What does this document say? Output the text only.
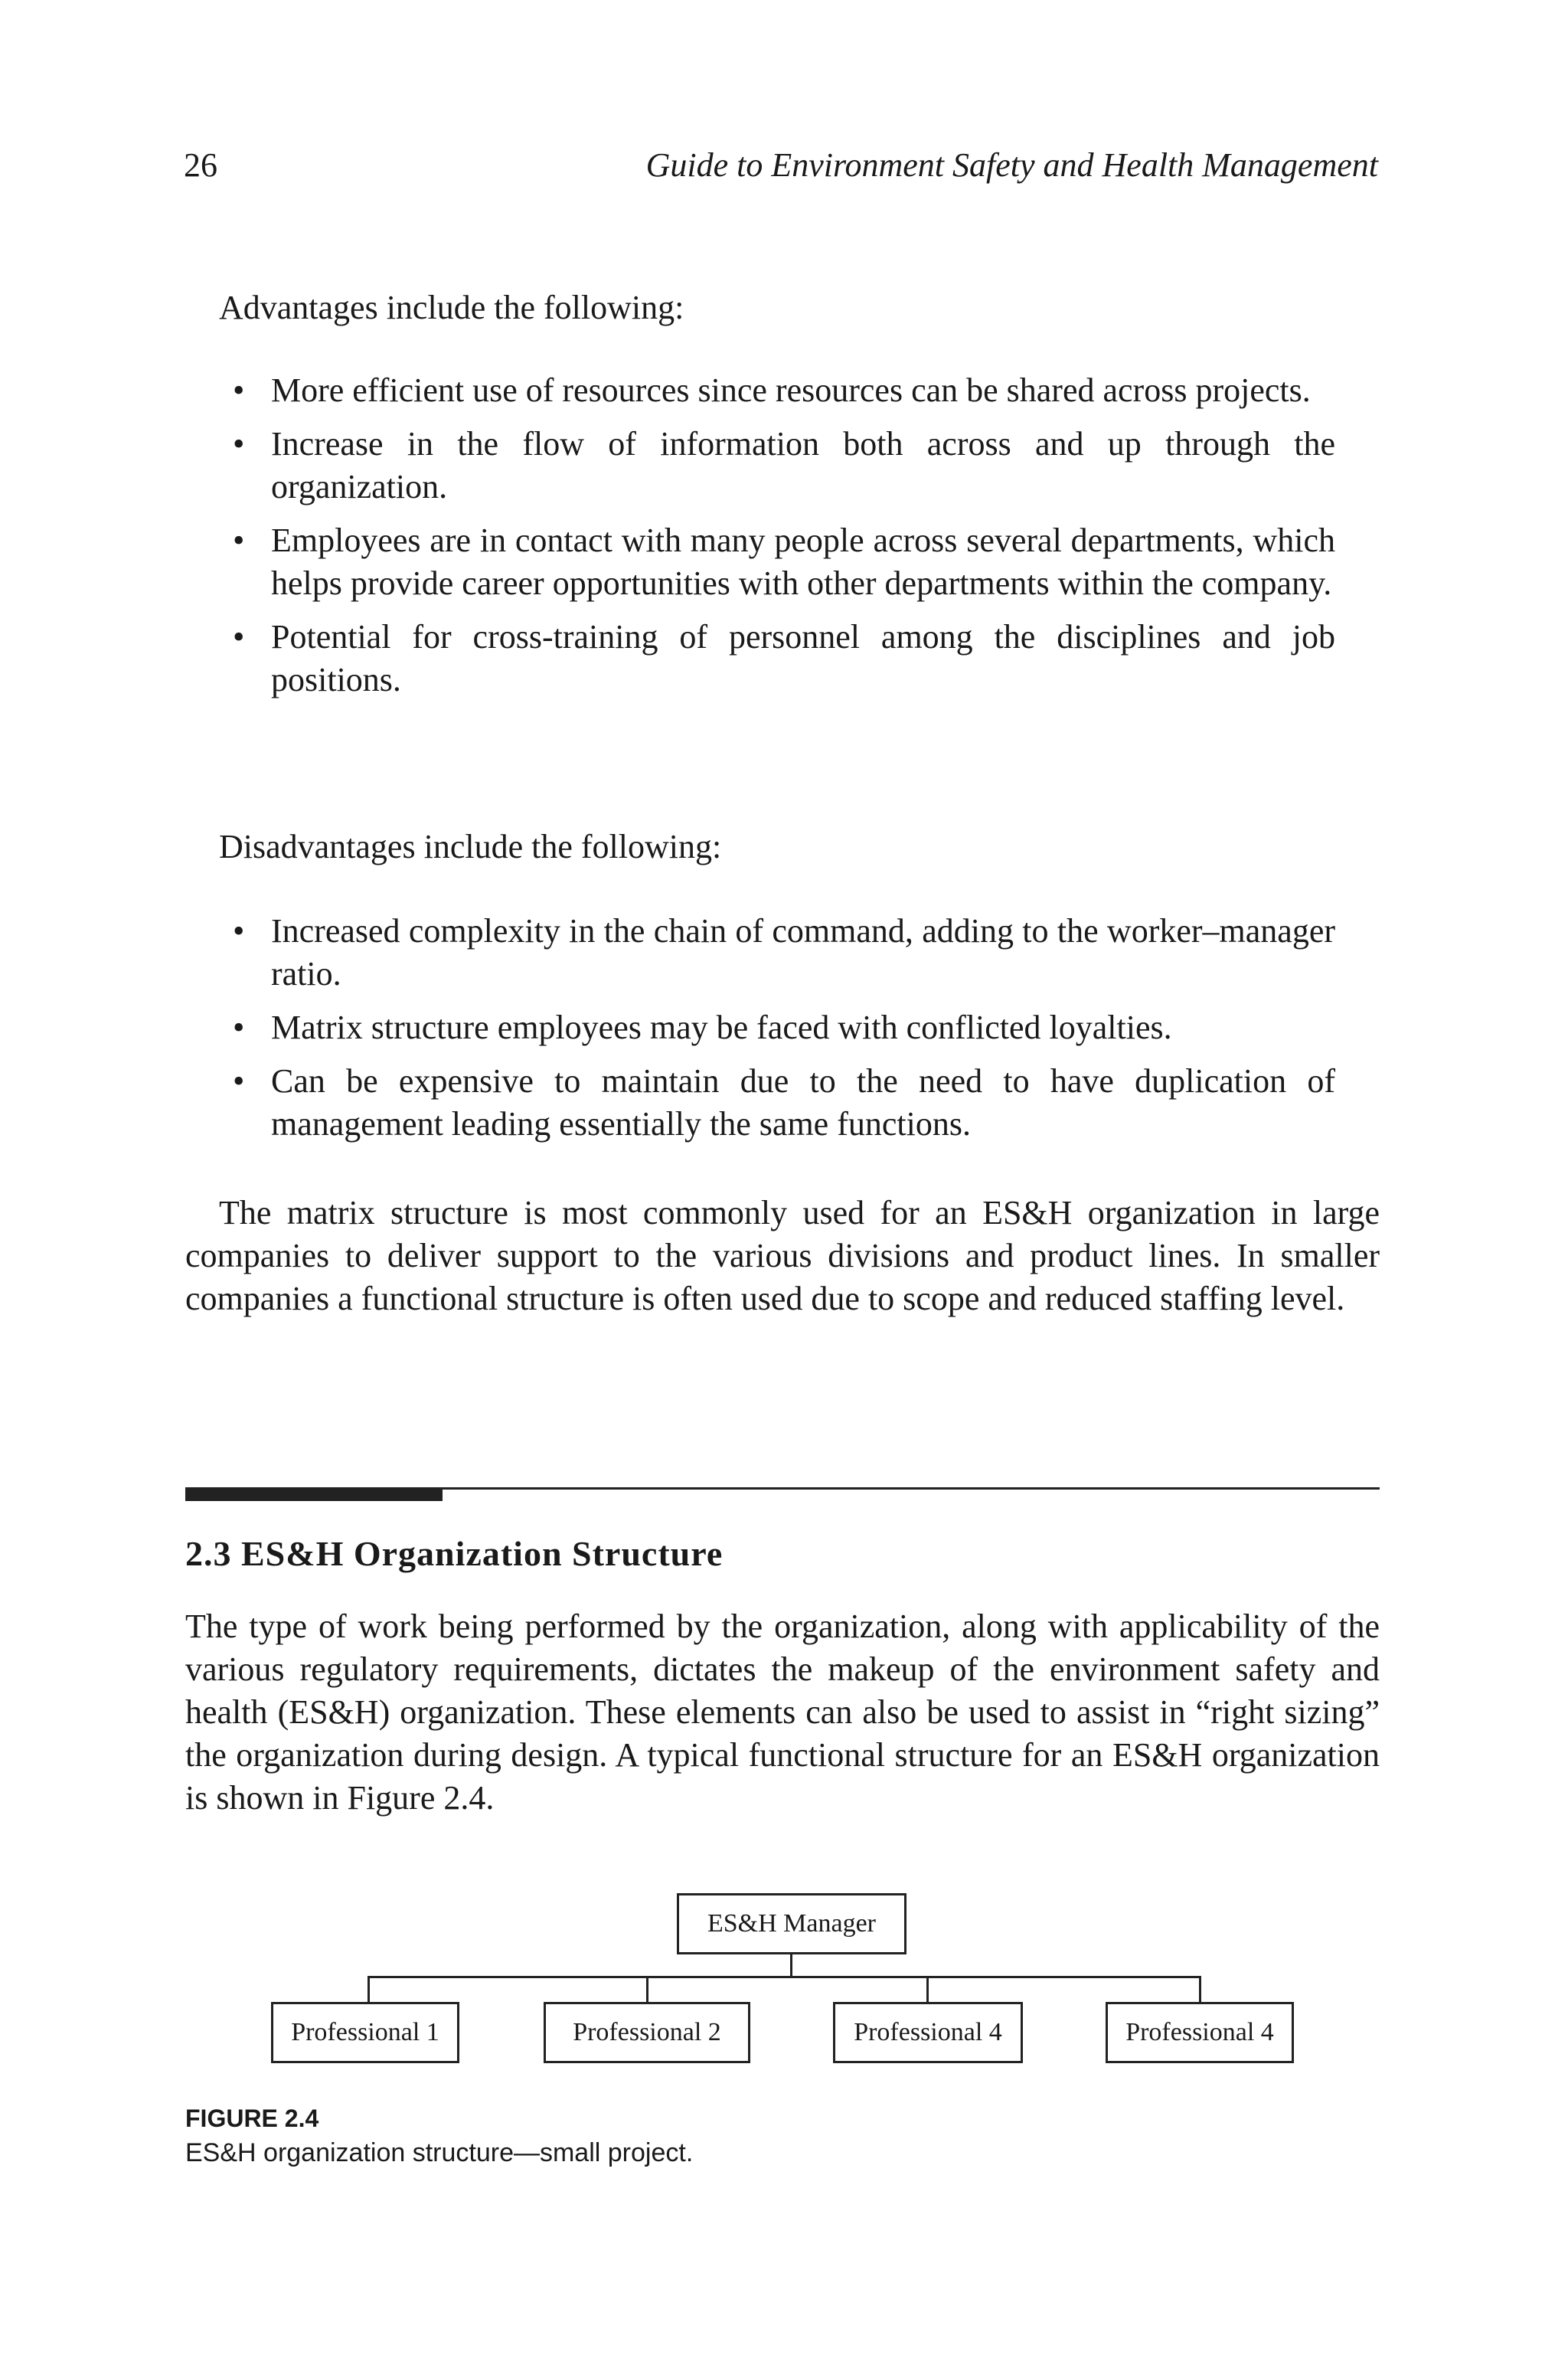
26	Guide to Environment Safety and Health Management
Advantages include the following:
• More efficient use of resources since resources can be shared across projects.
• Increase in the flow of information both across and up through the organization.
• Employees are in contact with many people across several departments, which helps provide career opportunities with other departments within the company.
• Potential for cross-training of personnel among the disciplines and job positions.
Disadvantages include the following:
• Increased complexity in the chain of command, adding to the worker–manager ratio.
• Matrix structure employees may be faced with conflicted loyalties.
• Can be expensive to maintain due to the need to have duplication of management leading essentially the same functions.

The matrix structure is most commonly used for an ES&H organization in large companies to deliver support to the various divisions and product lines. In smaller companies a functional structure is often used due to scope and reduced staffing level.

2.3 ES&H Organization Structure

The type of work being performed by the organization, along with applicability of the various regulatory requirements, dictates the makeup of the environment safety and health (ES&H) organization. These elements can also be used to assist in “right sizing” the organization during design. A typical functional structure for an ES&H organization is shown in Figure 2.4.

ES&H Manager
Professional 1	Professional 2	Professional 4	Professional 4
FIGURE 2.4
ES&H organization structure—small project.
